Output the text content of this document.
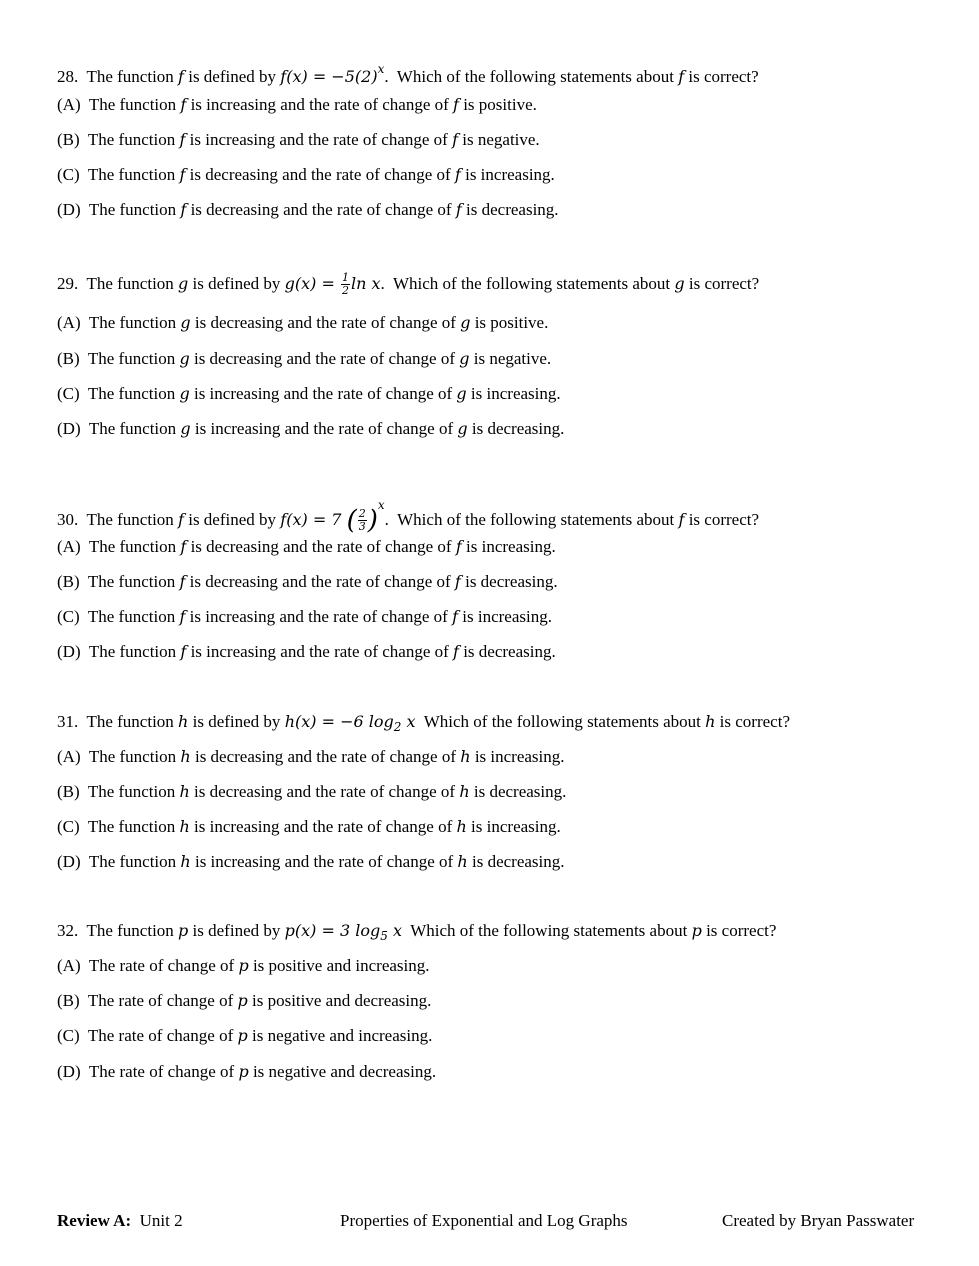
28. The function f is defined by $f(x) = -5(2)^x$. Which of the following statements about f is correct?
(A) The function f is increasing and the rate of change of f is positive.
(B) The function f is increasing and the rate of change of f is negative.
(C) The function f is decreasing and the rate of change of f is increasing.
(D) The function f is decreasing and the rate of change of f is decreasing.
29. The function g is defined by $g(x) = \frac{1}{2}$ ln x. Which of the following statements about g is correct?
(A) The function g is decreasing and the rate of change of g is positive.
(B) The function g is decreasing and the rate of change of g is negative.
(C) The function g is increasing and the rate of change of g is increasing.
(D) The function g is increasing and the rate of change of g is decreasing.
30. The function f is defined by f(x) = 7 ( $\frac{2}{3} )^x$. Which of the following statements about f is correct?
(A) The function f is decreasing and the rate of change of f is increasing.
(B) The function f is decreasing and the rate of change of f is decreasing.
(C) The function f is increasing and the rate of change of f is increasing.
(D) The function f is increasing and the rate of change of f is decreasing.
31. The function h is defined by h(x) = −6 $\log_2 x$ Which of the following statements about h is correct?
(A) The function h is decreasing and the rate of change of h is increasing.
(B) The function h is decreasing and the rate of change of h is decreasing.
(C) The function h is increasing and the rate of change of h is increasing.
(D) The function h is increasing and the rate of change of h is decreasing.
32. The function p is defined by p(x) = 3 $\log_5 x$ Which of the following statements about p is correct?
(A) The rate of change of p is positive and increasing.
(B) The rate of change of p is positive and decreasing.
(C) The rate of change of p is negative and increasing.
(D) The rate of change of p is negative and decreasing.
Review A: Unit 2	Properties of Exponential and Log Graphs	Created by Bryan Passwater
